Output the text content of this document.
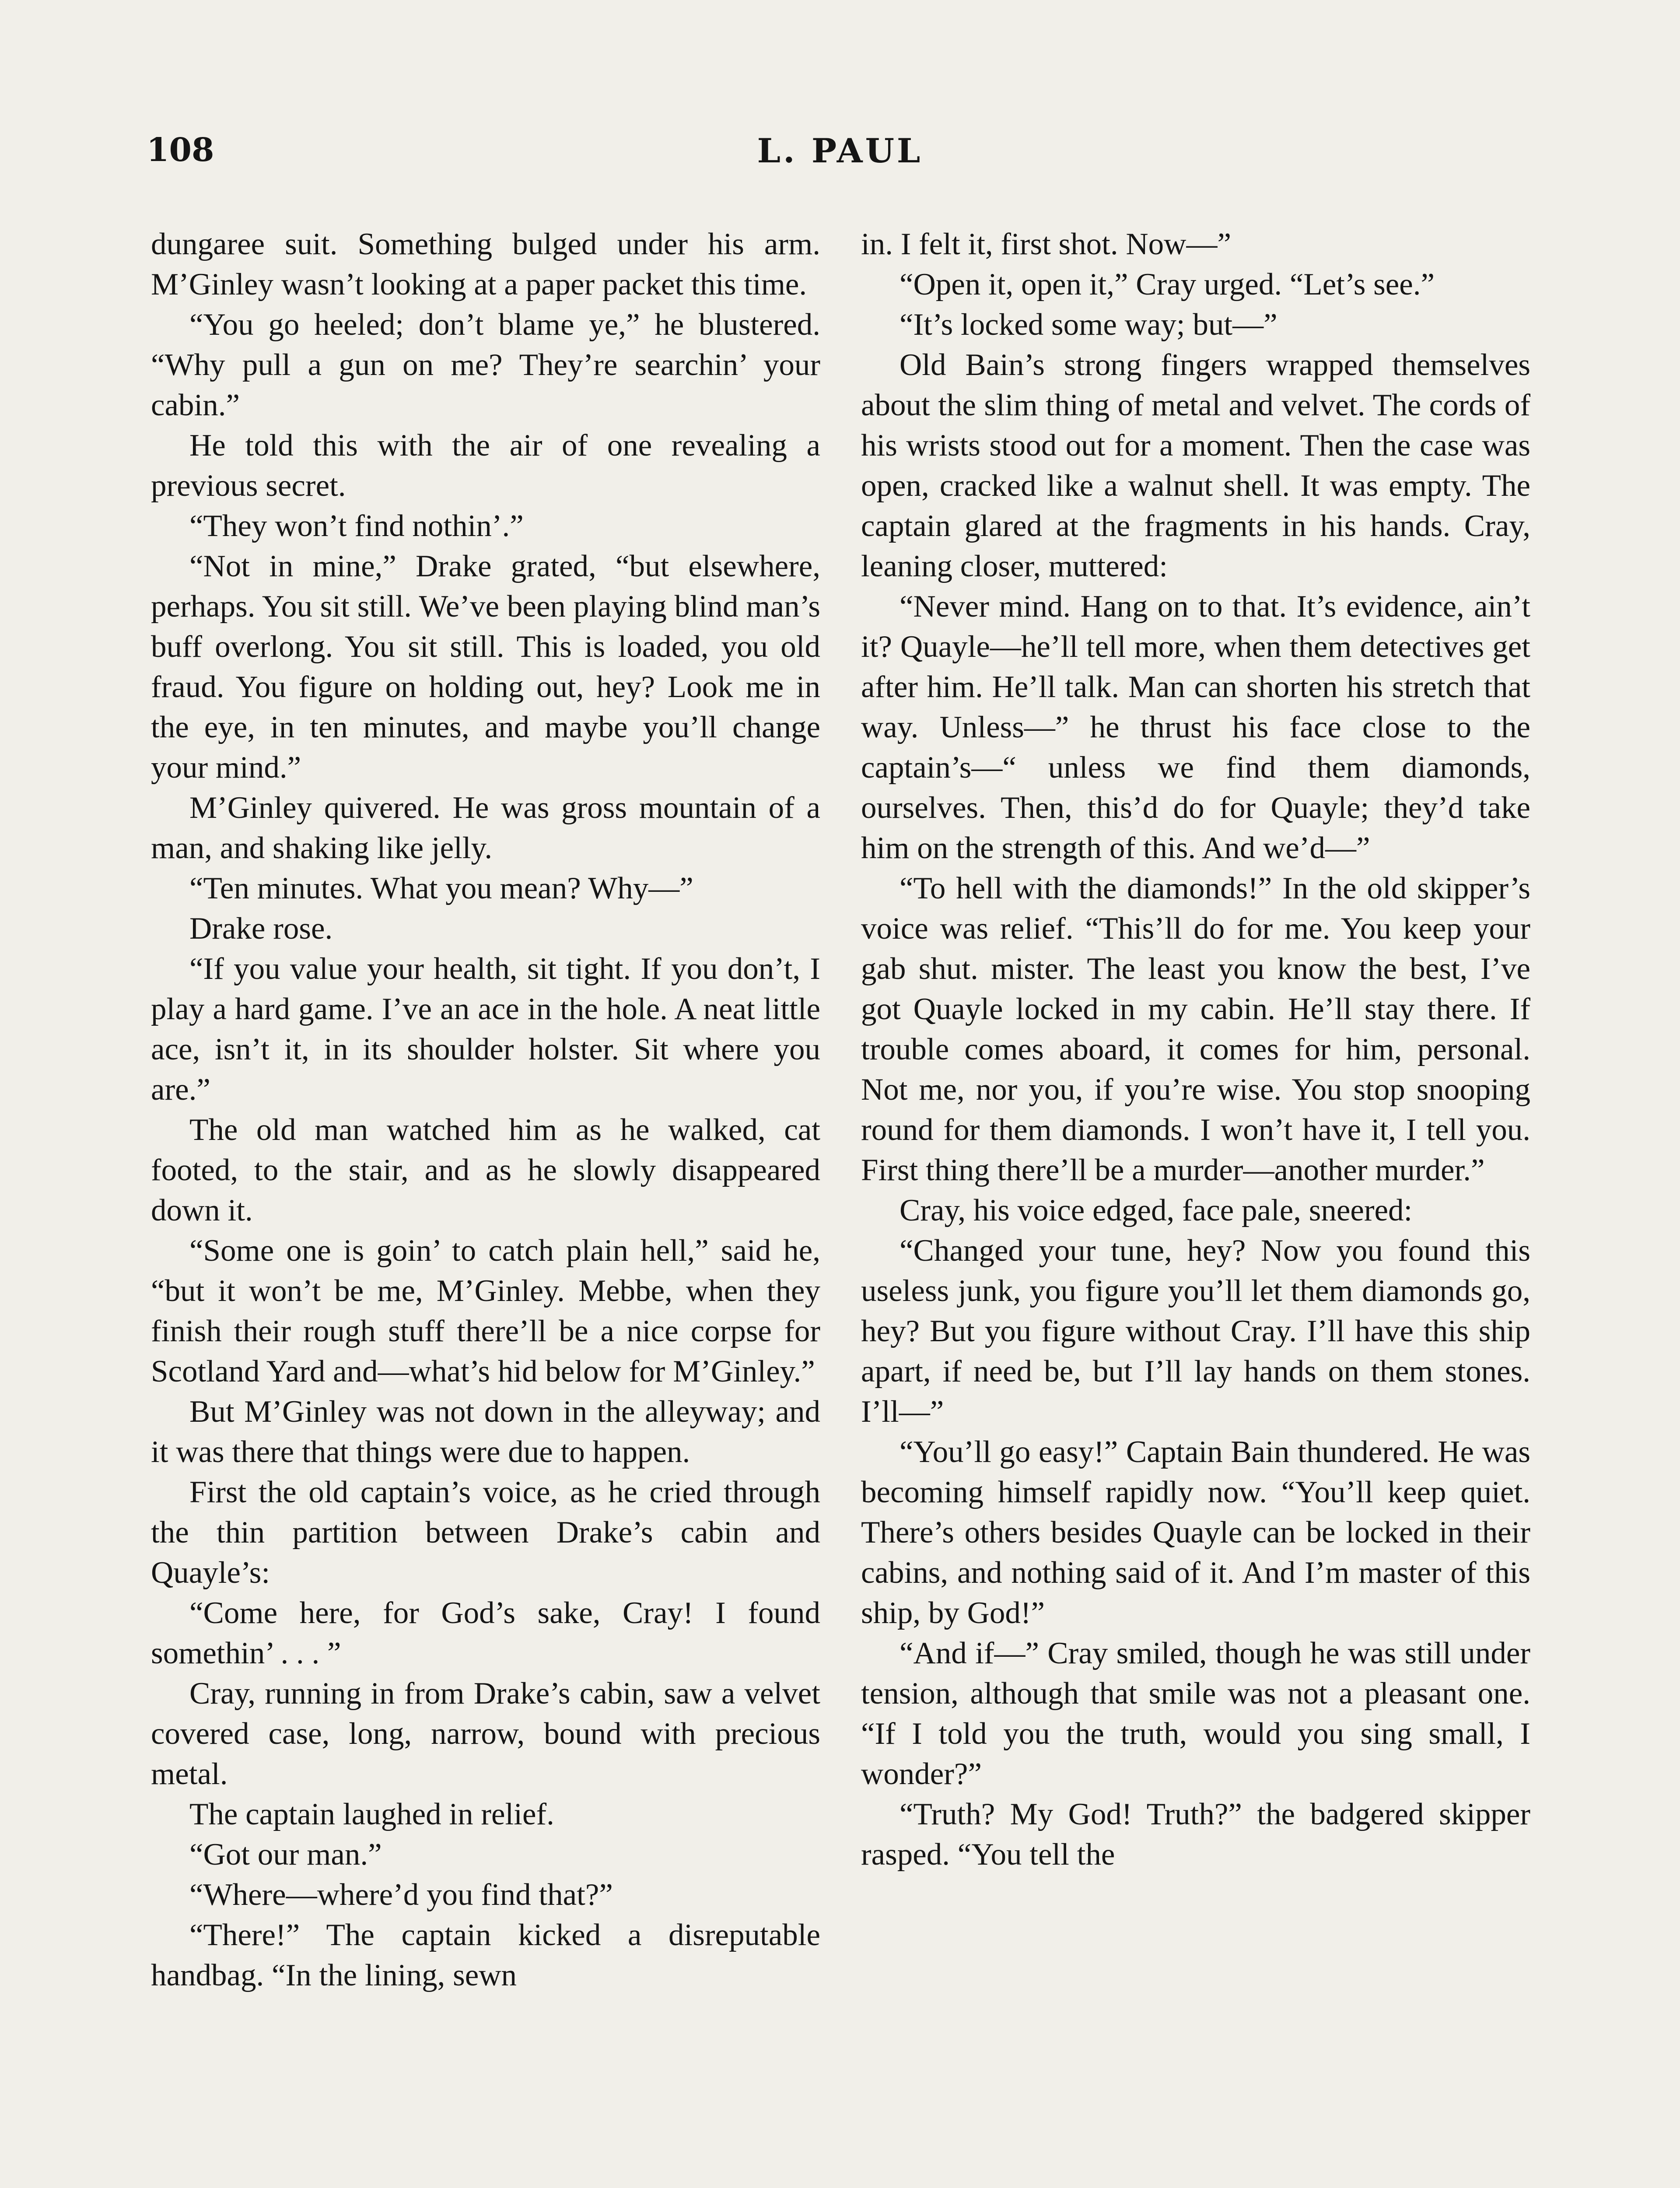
108	L. PAUL

dungaree suit. Something bulged under his arm. M’Ginley wasn’t looking at a paper packet this time.

“You go heeled; don’t blame ye,” he blustered. “Why pull a gun on me? They’re searchin’ your cabin.”

He told this with the air of one revealing a previous secret.

“They won’t find nothin’.”

“Not in mine,” Drake grated, “but elsewhere, perhaps. You sit still. We’ve been playing blind man’s buff overlong. You sit still. This is loaded, you old fraud. You figure on holding out, hey? Look me in the eye, in ten minutes, and maybe you’ll change your mind.”

M’Ginley quivered. He was gross mountain of a man, and shaking like jelly.

“Ten minutes. What you mean? Why—”

Drake rose.

“If you value your health, sit tight. If you don’t, I play a hard game. I’ve an ace in the hole. A neat little ace, isn’t it, in its shoulder holster. Sit where you are.”

The old man watched him as he walked, cat footed, to the stair, and as he slowly disappeared down it.

“Some one is goin’ to catch plain hell,” said he, “but it won’t be me, M’Ginley. Mebbe, when they finish their rough stuff there’ll be a nice corpse for Scotland Yard and—what’s hid below for M’Ginley.”

But M’Ginley was not down in the alleyway; and it was there that things were due to happen.

First the old captain’s voice, as he cried through the thin partition between Drake’s cabin and Quayle’s:

“Come here, for God’s sake, Cray! I found somethin’ . . . ”

Cray, running in from Drake’s cabin, saw a velvet covered case, long, narrow, bound with precious metal.

The captain laughed in relief.

“Got our man.”

“Where—where’d you find that?”

“There!” The captain kicked a disreputable handbag. “In the lining, sewn

in. I felt it, first shot. Now—”

“Open it, open it,” Cray urged. “Let’s see.”

“It’s locked some way; but—”

Old Bain’s strong fingers wrapped themselves about the slim thing of metal and velvet. The cords of his wrists stood out for a moment. Then the case was open, cracked like a walnut shell. It was empty. The captain glared at the fragments in his hands. Cray, leaning closer, muttered:

“Never mind. Hang on to that. It’s evidence, ain’t it? Quayle—he’ll tell more, when them detectives get after him. He’ll talk. Man can shorten his stretch that way. Unless—” he thrust his face close to the captain’s—“ unless we find them diamonds, ourselves. Then, this’d do for Quayle; they’d take him on the strength of this. And we’d—”

“To hell with the diamonds!” In the old skipper’s voice was relief. “This’ll do for me. You keep your gab shut. mister. The least you know the best, I’ve got Quayle locked in my cabin. He’ll stay there. If trouble comes aboard, it comes for him, personal. Not me, nor you, if you’re wise. You stop snooping round for them diamonds. I won’t have it, I tell you. First thing there’ll be a murder—another murder.”

Cray, his voice edged, face pale, sneered:

“Changed your tune, hey? Now you found this useless junk, you figure you’ll let them diamonds go, hey? But you figure without Cray. I’ll have this ship apart, if need be, but I’ll lay hands on them stones. I’ll—”

“You’ll go easy!” Captain Bain thundered. He was becoming himself rapidly now. “You’ll keep quiet. There’s others besides Quayle can be locked in their cabins, and nothing said of it. And I’m master of this ship, by God!”

“And if—” Cray smiled, though he was still under tension, although that smile was not a pleasant one. “If I told you the truth, would you sing small, I wonder?”

“Truth? My God! Truth?” the badgered skipper rasped. “You tell the
